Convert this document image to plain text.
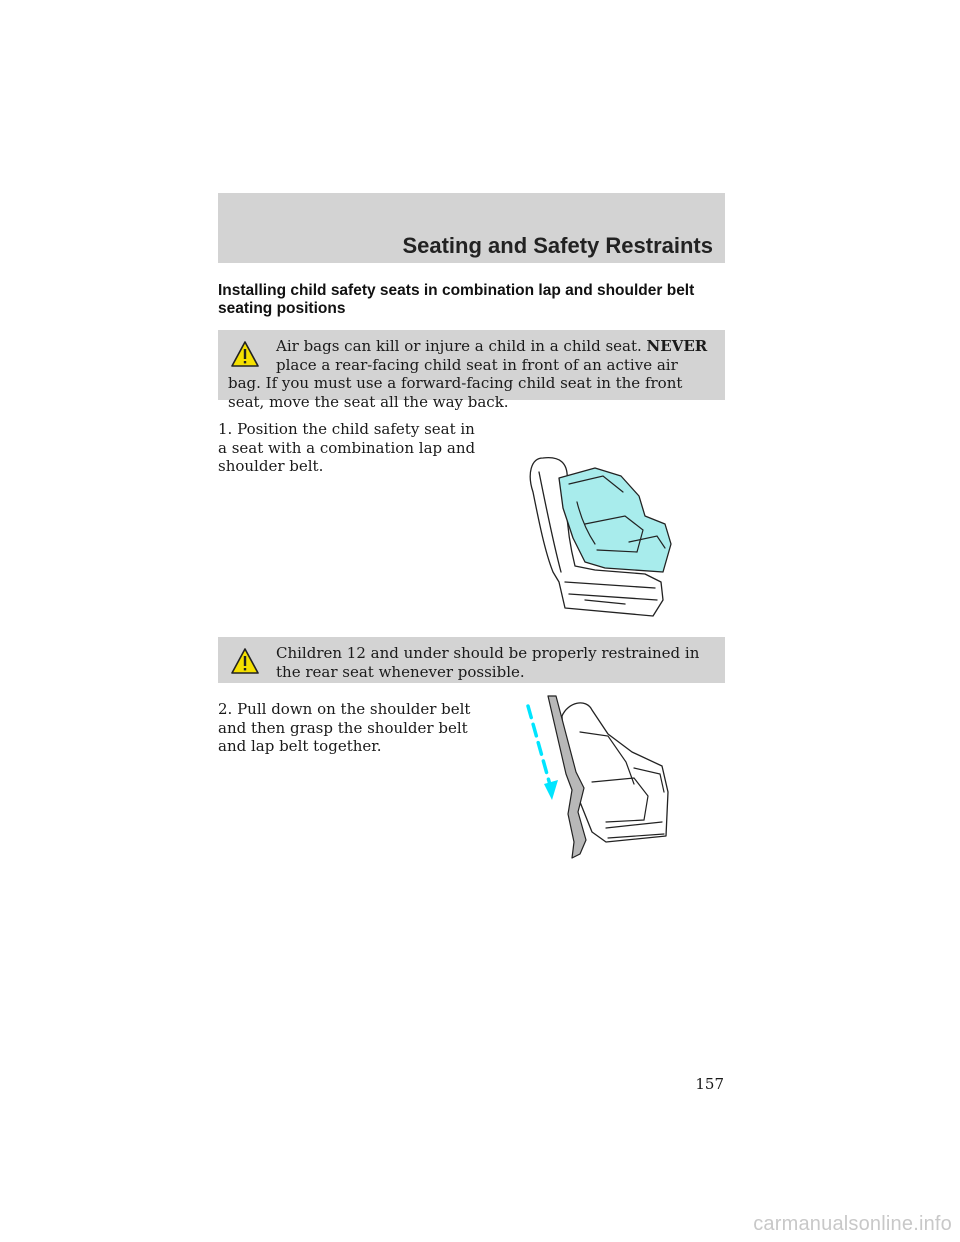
Seating and Safety Restraints
Installing child safety seats in combination lap and shoulder belt seating positions

Air bags can kill or injure a child in a child seat. NEVER place a rear-facing child seat in front of an active air bag. If you must use a forward-facing child seat in the front seat, move the seat all the way back.

1. Position the child safety seat in a seat with a combination lap and shoulder belt.

Children 12 and under should be properly restrained in the rear seat whenever possible.

2. Pull down on the shoulder belt and then grasp the shoulder belt and lap belt together.

157

carmanualsonline.info
